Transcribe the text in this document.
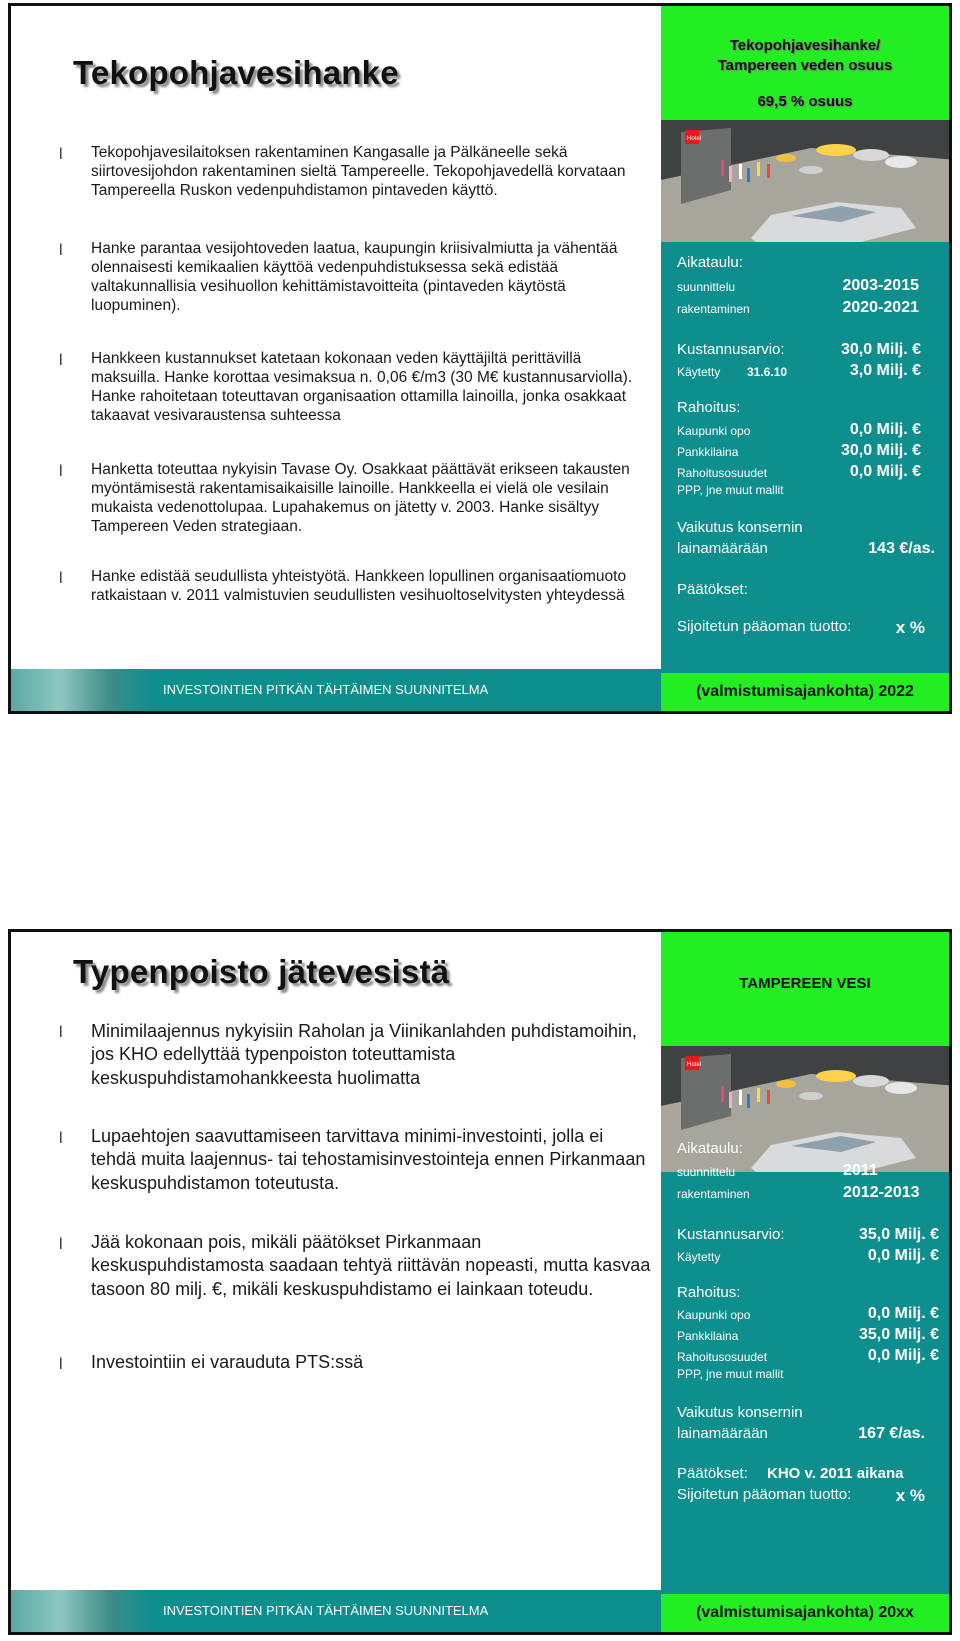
Tekopohjavesihanke
l Tekopohjavesilaitoksen rakentaminen Kangasalle ja Pälkäneelle sekä siirtovesijohdon rakentaminen sieltä Tampereelle. Tekopohjavedellä korvataan Tampereella Ruskon vedenpuhdistamon pintaveden käyttö.
l Hanke parantaa vesijohtoveden laatua, kaupungin kriisivalmiutta ja vähentää olennaisesti kemikaalien käyttöä vedenpuhdistuksessa sekä edistää valtakunnallisia vesihuollon kehittämistavoitteita (pintaveden käytöstä luopuminen).
l Hankkeen kustannukset katetaan kokonaan veden käyttäjiltä perittävillä maksuilla. Hanke korottaa vesimaksua n. 0,06 €/m3 (30 M€ kustannusarviolla). Hanke rahoitetaan toteuttavan organisaation ottamilla lainoilla, jonka osakkaat takaavat vesivaraustensa suhteessa
l Hanketta toteuttaa nykyisin Tavase Oy. Osakkaat päättävät erikseen takausten myöntämisestä rakentamisaikaisille lainoille. Hankkeella ei vielä ole vesilain mukaista vedenottolupaa. Lupahakemus on jätetty v. 2003. Hanke sisältyy Tampereen Veden strategiaan.
l Hanke edistää seudullista yhteistyötä. Hankkeen lopullinen organisaatiomuoto ratkaistaan v. 2011 valmistuvien seudullisten vesihuoltoselvitysten yhteydessä
Tekopohjavesihanke/
Tampereen veden osuus
69,5 % osuus
Hotel
Aikataulu:
suunnittelu	2003-2015
rakentaminen	2020-2021
Kustannusarvio:	30,0 Milj. €
Käytetty 31.6.10	3,0 Milj. €
Rahoitus:
Kaupunki opo	0,0 Milj. €
Pankkilaina	30,0 Milj. €
Rahoitusosuudet	0,0 Milj. €
PPP, jne muut mallit
Vaikutus konsernin
lainamäärään	143 €/as.
Päätökset:
Sijoitetun pääoman tuotto:	x %
(valmistumisajankohta) 2022
INVESTOINTIEN PITKÄN TÄHTÄIMEN SUUNNITELMA
Typenpoisto jätevesistä
l Minimilaajennus nykyisiin Raholan ja Viinikanlahden puhdistamoihin, jos KHO edellyttää typenpoiston toteuttamista keskuspuhdistamohankkeesta huolimatta
l Lupaehtojen saavuttamiseen tarvittava minimi-investointi, jolla ei tehdä muita laajennus- tai tehostamisinvestointeja ennen Pirkanmaan keskuspuhdistamon toteutusta.
l Jää kokonaan pois, mikäli päätökset Pirkanmaan keskuspuhdistamosta saadaan tehtyä riittävän nopeasti, mutta kasvaa tasoon 80 milj. €, mikäli keskuspuhdistamo ei lainkaan toteudu.
l Investointiin ei varauduta PTS:ssä
TAMPEREEN VESI
Hotel
Aikataulu:
suunnittelu	2011
rakentaminen	2012-2013
Kustannusarvio:	35,0 Milj. €
Käytetty	0,0 Milj. €
Rahoitus:
Kaupunki opo	0,0 Milj. €
Pankkilaina	35,0 Milj. €
Rahoitusosuudet	0,0 Milj. €
PPP, jne muut mallit
Vaikutus konsernin
lainamäärään	167 €/as.
Päätökset: KHO v. 2011 aikana
Sijoitetun pääoman tuotto:	x %
(valmistumisajankohta) 20xx
INVESTOINTIEN PITKÄN TÄHTÄIMEN SUUNNITELMA
